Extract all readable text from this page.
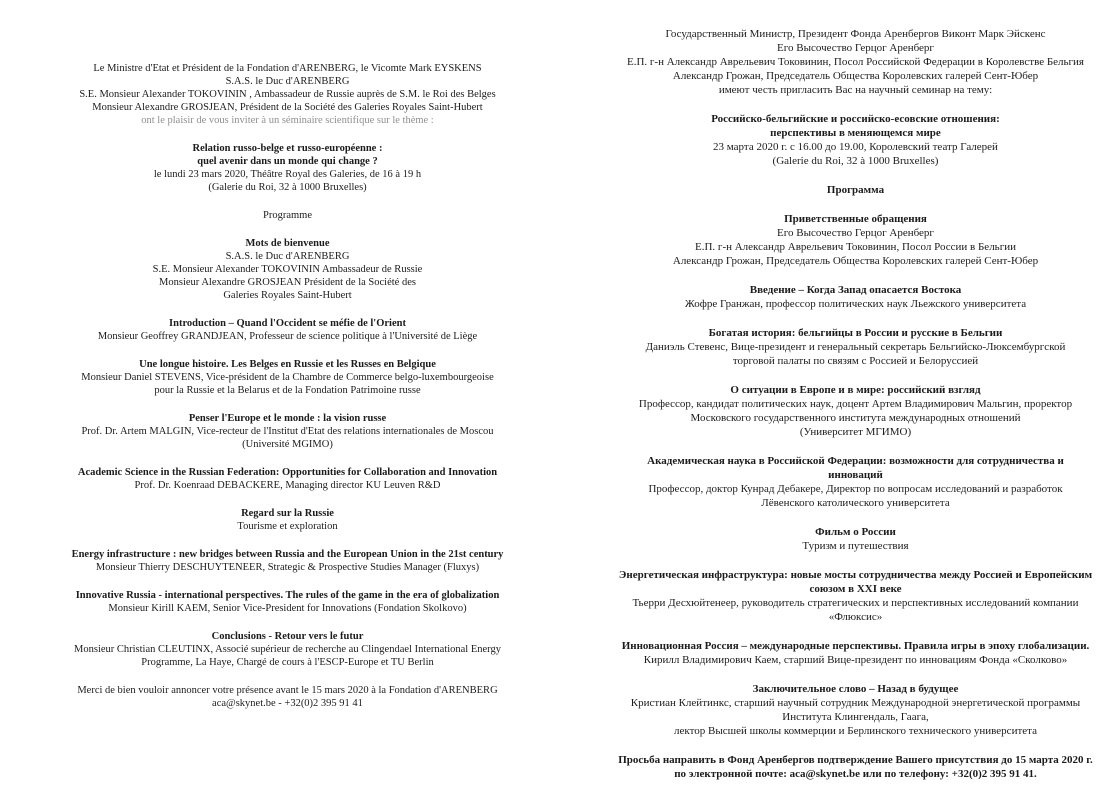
Le Ministre d'Etat et Président de la Fondation d'ARENBERG, le Vicomte Mark EYSKENS
S.A.S. le Duc d'ARENBERG
S.E. Monsieur Alexander TOKOVININ , Ambassadeur de Russie auprès de S.M. le Roi des Belges
Monsieur Alexandre GROSJEAN, Président de la Société des Galeries Royales Saint-Hubert
ont le plaisir de vous inviter à un séminaire scientifique sur le thème :
Relation russo-belge et russo-européenne :
quel avenir dans un monde qui change ?
le lundi 23 mars 2020, Théâtre Royal des Galeries, de 16 à 19 h
(Galerie du Roi, 32 à 1000 Bruxelles)
Programme
Mots de bienvenue
S.A.S. le Duc d'ARENBERG
S.E. Monsieur Alexander TOKOVININ Ambassadeur de Russie
Monsieur Alexandre GROSJEAN Président de la Société des
Galeries Royales Saint-Hubert
Introduction – Quand l'Occident se méfie de l'Orient
Monsieur Geoffrey GRANDJEAN, Professeur de science politique à l'Université de Liège
Une longue histoire. Les Belges en Russie et les Russes en Belgique
Monsieur Daniel STEVENS, Vice-président de la Chambre de Commerce belgo-luxembourgeoise
pour la Russie et la Belarus et de la Fondation Patrimoine russe
Penser l'Europe et le monde : la vision russe
Prof. Dr. Artem MALGIN, Vice-recteur de l'Institut d'Etat des relations internationales de Moscou
(Université MGIMO)
Academic Science in the Russian Federation: Opportunities for Collaboration and Innovation
Prof. Dr. Koenraad DEBACKERE, Managing director KU Leuven R&D
Regard sur la Russie
Tourisme et exploration
Energy infrastructure : new bridges between Russia and the European Union in the 21st century
Monsieur Thierry DESCHUYTENEER, Strategic & Prospective Studies Manager (Fluxys)
Innovative Russia - international perspectives. The rules of the game in the era of globalization
Monsieur Kirill KAEM, Senior Vice-President for Innovations (Fondation Skolkovo)
Conclusions - Retour vers le futur
Monsieur Christian CLEUTINX, Associé supérieur de recherche au Clingendael International Energy
Programme, La Haye, Chargé de cours à l'ESCP-Europe et TU Berlin
Merci de bien vouloir annoncer votre présence avant le 15 mars 2020 à la Fondation d'ARENBERG
aca@skynet.be - +32(0)2 395 91 41
Государственный Министр, Президент Фонда Аренбергов Виконт Марк Эйскенс
Его Высочество Герцог Аренберг
Е.П. г-н Александр Аврельевич Токовинин, Посол Российской Федерации в Королевстве Бельгия
Александр Грожан, Председатель Общества Королевских галерей Сент-Юбер
имеют честь пригласить Вас на научный семинар на тему:
Российско-бельгийские и российско-есовские отношения:
перспективы в меняющемся мире
23 марта 2020 г. с 16.00 до 19.00, Королевский театр Галерей
(Galerie du Roi, 32 à 1000 Bruxelles)
Программа
Приветственные обращения
Его Высочество Герцог Аренберг
Е.П. г-н Александр Аврельевич Токовинин, Посол России в Бельгии
Александр Грожан, Председатель Общества Королевских галерей Сент-Юбер
Введение – Когда Запад опасается Востока
Жофре Гранжан, профессор политических наук Льежского университета
Богатая история: бельгийцы в России и русские в Бельгии
Даниэль Стевенс, Вице-президент и генеральный секретарь Бельгийско-Люксембургской
торговой палаты по связям с Россией и Белоруссией
О ситуации в Европе и в мире: российский взгляд
Профессор, кандидат политических наук, доцент Артем Владимирович Мальгин, проректор
Московского государственного института международных отношений
(Университет МГИМО)
Академическая наука в Российской Федерации: возможности для сотрудничества и
инноваций
Профессор, доктор Кунрад Дебакере, Директор по вопросам исследований и разработок
Лёвенского католического университета
Фильм о России
Туризм и путешествия
Энергетическая инфраструктура: новые мосты сотрудничества между Россией и Европейским
союзом в XXI веке
Тьерри Десхюйтенеер, руководитель стратегических и перспективных исследований компании
«Флюксис»
Инновационная Россия – международные перспективы. Правила игры в эпоху глобализации.
Кирилл Владимирович Каем, старший Вице-президент по инновациям Фонда «Сколково»
Заключительное слово – Назад в будущее
Кристиан Клейтинкс, старший научный сотрудник Международной энергетической программы
Института Клингендаль, Гаага,
лектор Высшей школы коммерции и Берлинского технического университета
Просьба направить в Фонд Аренбергов подтверждение Вашего присутствия до 15 марта 2020 г.
по электронной почте: aca@skynet.be или по телефону: +32(0)2 395 91 41.
